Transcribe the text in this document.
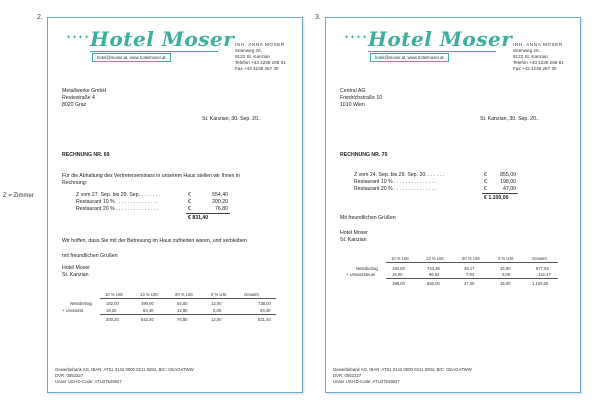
2.	3.
Z = Zimmer
✦✦✦✦ Hotel Moser
hotel@moser.at, www.hotelmoser.at
INH. ANNA MOSER
Seenweg 20,
9122 St. Kanzian
Telefon +43 4239 266 81
Fax +43 4239 267 30
Metallwerke GmbH
Reutestraße 4
8020 Graz
St. Kanzian, 30. Sep. 20..
RECHNUNG NR. 69
Für die Abhaltung des Vertreterseminars in unserem Haus stellen wir Ihnen in
Rechnung:
Z vom 27. Sep. bis 29. Sep. . . . . . . .	€	554,40
Restaurant 10 % . . . . . . . . . . . . . . .	€	200,20
Restaurant 20 % . . . . . . . . . . . . . . .	€	76,80
€ 831,40
Wir hoffen, dass Sie mit der Betreuung im Haus zufrieden waren, und verbleiben
mit freundlichen Grüßen
Hotel Moser
St. Kanzian
10 % USt	13 % USt	20 % USt	0 % USt	Gesamt
Nettobetrag	182,00	490,00	64,00	12,00	738,00
+ Umsatzst.	18,20	63,40	12,80	0,00	93,40
200,20	542,40	76,80	12,00	831,40
Gewerbebank AG, IBAN: AT51 3142 0000 0211 9284, BIC: GEAGATWW
DVR: 0052327
Unser USt-ID-Code: ATU37549827
✦✦✦✦ Hotel Moser
hotel@moser.at, www.hotelmoser.at
INH. ANNA MOSER
Seenweg 20,
9122 St. Kanzian
Telefon +43 4239 266 81
Fax +43 4239 267 30
Central AG
Friedrichstraße 10
1010 Wien
St. Kanzian, 30. Sep. 20..
RECHNUNG NR. 70
Z vom 24. Sep. bis 29. Sep. 20. . . . . . .	€	855,00
Restaurant 10 % . . . . . . . . . . . . . . .	€	198,00
Restaurant 20 % . . . . . . . . . . . . . . .	€	47,00
€ 1.100,00
Mit freundlichen Grüßen
Hotel Moser
St. Kanzian
10 % USt	13 % USt	20 % USt	0 % USt	Gesamt
Nettobetrag	180,00	743,36	39,17	15,00	977,53
+ Umsatzsteuer	18,00	96,64	7,83	0,00	122,47
198,00	840,00	47,00	15,00	1.100,00
Gewerbebank AG, IBAN: AT51 3142 0000 0211 9284, BIC: GEAGATWW
DVR: 0052327
Unser USt-ID-Code: ATU37549827
